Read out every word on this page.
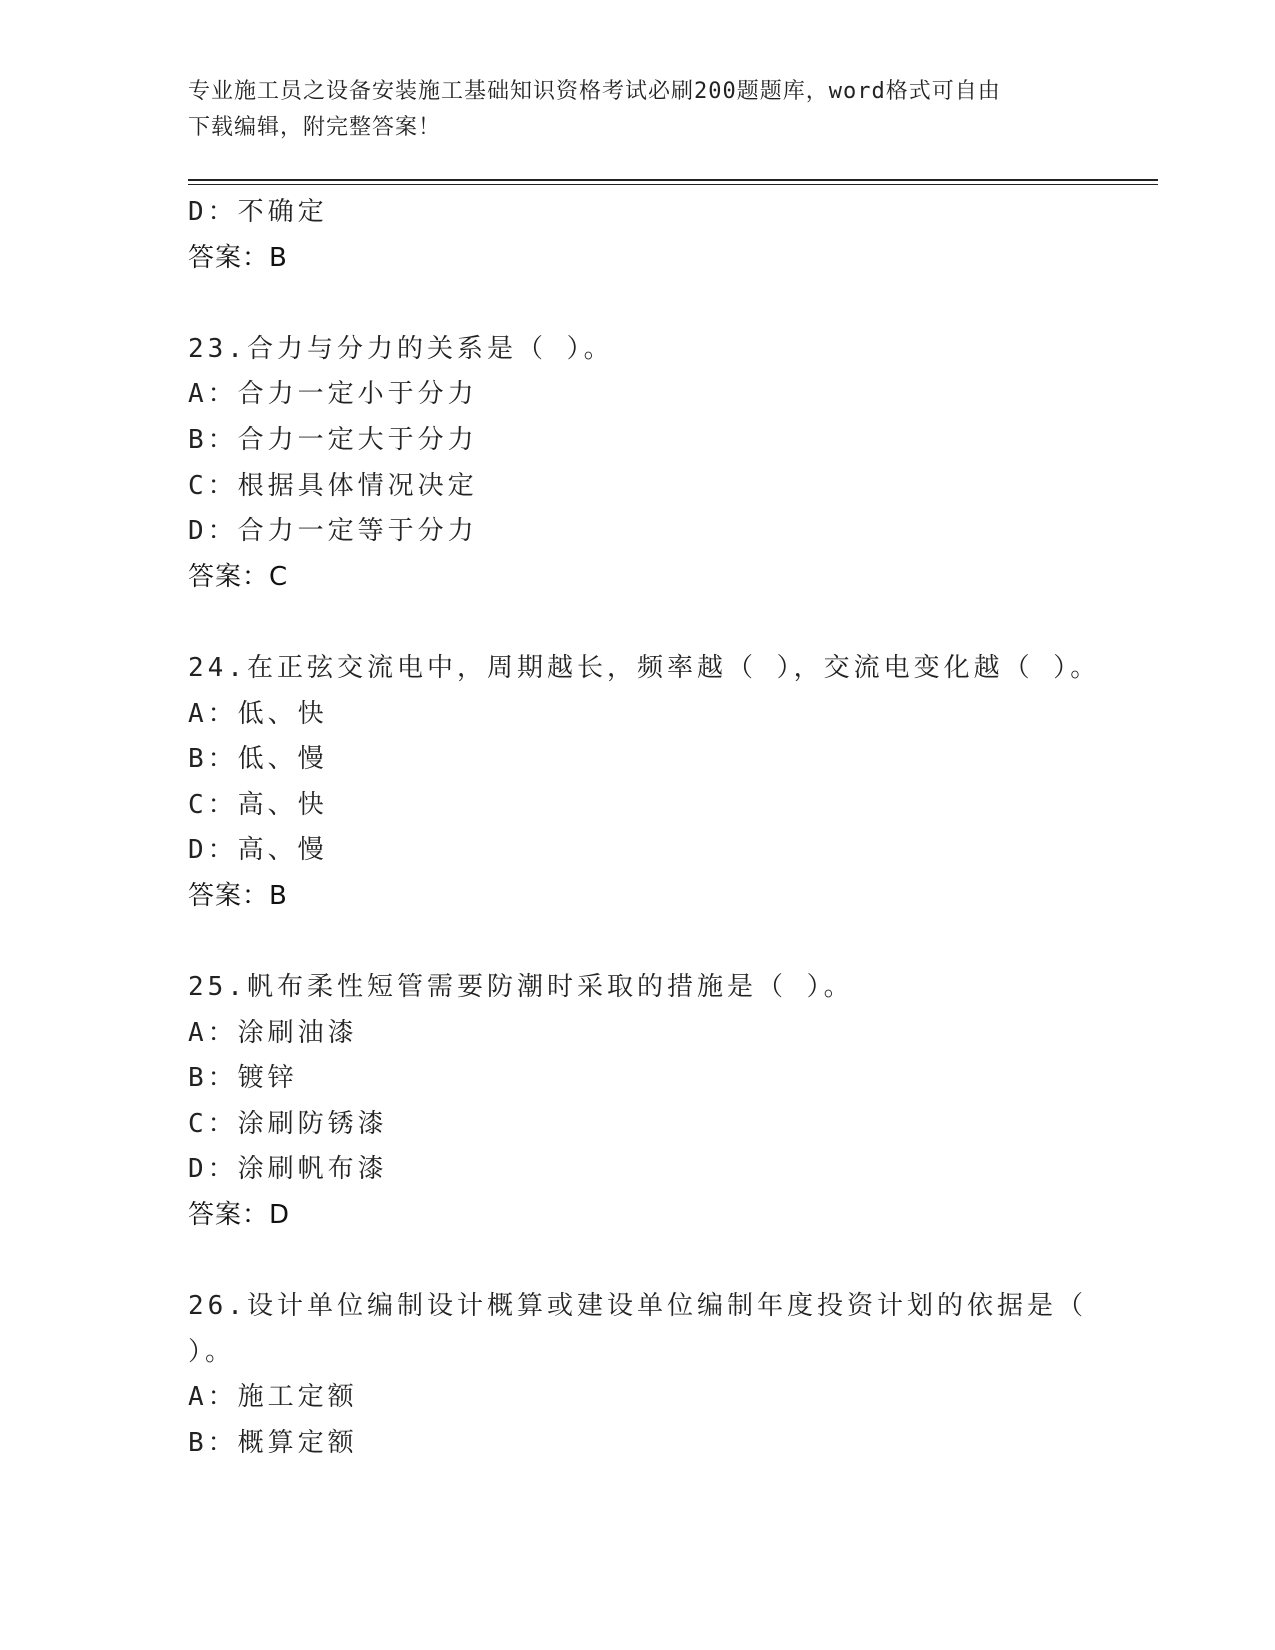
专业施工员之设备安装施工基础知识资格考试必刷200题题库，word格式可自由
下载编辑，附完整答案！
D：不确定
答案：B
23.合力与分力的关系是（ ）。
A：合力一定小于分力
B：合力一定大于分力
C：根据具体情况决定
D：合力一定等于分力
答案：C
24.在正弦交流电中，周期越长，频率越（ ），交流电变化越（ ）。
A：低、快
B：低、慢
C：高、快
D：高、慢
答案：B
25.帆布柔性短管需要防潮时采取的措施是（ ）。
A：涂刷油漆
B：镀锌
C：涂刷防锈漆
D：涂刷帆布漆
答案：D
26.设计单位编制设计概算或建设单位编制年度投资计划的依据是（
）。
A：施工定额
B：概算定额
